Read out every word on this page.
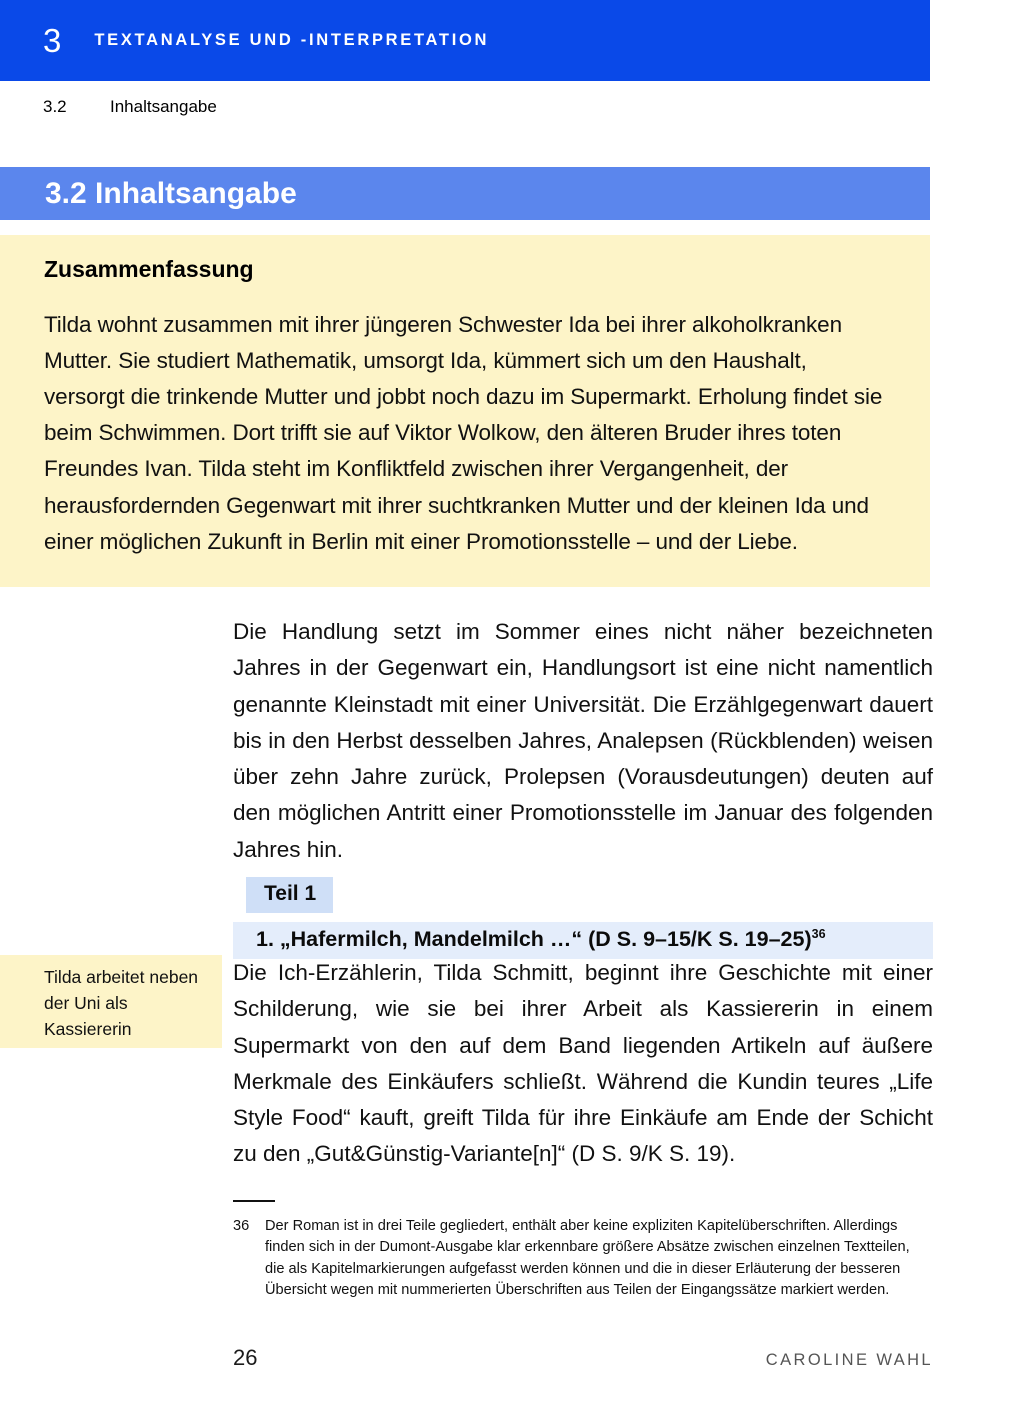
3 TEXTANALYSE UND -INTERPRETATION
3.2	Inhaltsangabe
3.2 Inhaltsangabe
Zusammenfassung

Tilda wohnt zusammen mit ihrer jüngeren Schwester Ida bei ihrer alkoholkranken Mutter. Sie studiert Mathematik, umsorgt Ida, kümmert sich um den Haushalt, versorgt die trinkende Mutter und jobbt noch dazu im Supermarkt. Erholung findet sie beim Schwimmen. Dort trifft sie auf Viktor Wolkow, den älteren Bruder ihres toten Freundes Ivan. Tilda steht im Konfliktfeld zwischen ihrer Vergangenheit, der herausfordernden Gegenwart mit ihrer suchtkranken Mutter und der kleinen Ida und einer möglichen Zukunft in Berlin mit einer Promotionsstelle – und der Liebe.

Die Handlung setzt im Sommer eines nicht näher bezeichneten Jahres in der Gegenwart ein, Handlungsort ist eine nicht namentlich genannte Kleinstadt mit einer Universität. Die Erzählgegenwart dauert bis in den Herbst desselben Jahres, Analepsen (Rückblenden) weisen über zehn Jahre zurück, Prolepsen (Vorausdeutungen) deuten auf den möglichen Antritt einer Promotionsstelle im Januar des folgenden Jahres hin.

Teil 1
1. „Hafermilch, Mandelmilch …“ (D S. 9–15/K S. 19–25)$^{36}$
Tilda arbeitet neben der Uni als Kassiererin

Die Ich-Erzählerin, Tilda Schmitt, beginnt ihre Geschichte mit einer Schilderung, wie sie bei ihrer Arbeit als Kassiererin in einem Supermarkt von den auf dem Band liegenden Artikeln auf äußere Merkmale des Einkäufers schließt. Während die Kundin teures „Life Style Food“ kauft, greift Tilda für ihre Einkäufe am Ende der Schicht zu den „Gut&Günstig-Variante[n]“ (D S. 9/K S. 19).

36	Der Roman ist in drei Teile gegliedert, enthält aber keine expliziten Kapitelüberschriften. Allerdings finden sich in der Dumont-Ausgabe klar erkennbare größere Absätze zwischen einzelnen Textteilen, die als Kapitelmarkierungen aufgefasst werden können und die in dieser Erläuterung der besseren Übersicht wegen mit nummerierten Überschriften aus Teilen der Eingangssätze markiert werden.
26	CAROLINE WAHL
